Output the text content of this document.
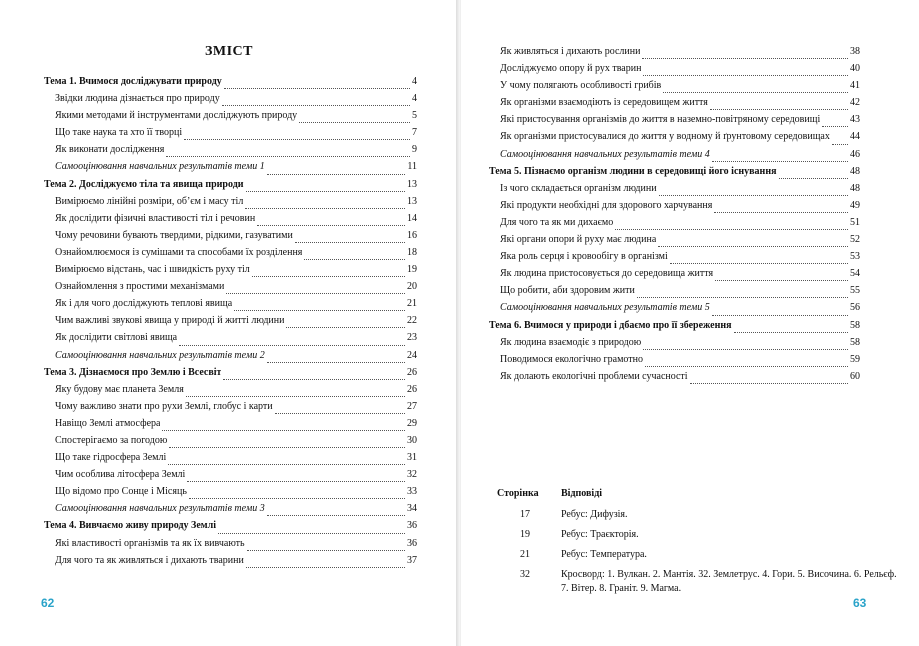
ЗМІСТ
Тема 1. Вчимося досліджувати природу	4
Звідки людина дізнається про природу	4
Якими методами й інструментами досліджують природу	5
Що таке наука та хто її творці	7
Як виконати дослідження	9
Самооцінювання навчальних результатів теми 1	11
Тема 2. Досліджуємо тіла та явища природи	13
Вимірюємо лінійні розміри, об’єм і масу тіл	13
Як дослідити фізичні властивості тіл і речовин	14
Чому речовини бувають твердими, рідкими, газуватими	16
Ознайомлюємося із сумішами та способами їх розділення	18
Вимірюємо відстань, час і швидкість руху тіл	19
Ознайомлення з простими механізмами	20
Як і для чого досліджують теплові явища	21
Чим важливі звукові явища у природі й житті людини	22
Як дослідити світлові явища	23
Самооцінювання навчальних результатів теми 2	24
Тема 3. Дізнаємося про Землю і Всесвіт	26
Яку будову має планета Земля	26
Чому важливо знати про рухи Землі, глобус і карти	27
Навіщо Землі атмосфера	29
Спостерігаємо за погодою	30
Що таке гідросфера Землі	31
Чим особлива літосфера Землі	32
Що відомо про Сонце і Місяць	33
Самооцінювання навчальних результатів теми 3	34
Тема 4. Вивчаємо живу природу Землі	36
Які властивості організмів та як їх вивчають	36
Для чого та як живляться і дихають тварини	37
62
Як живляться і дихають рослини	38
Досліджуємо опору й рух тварин	40
У чому полягають особливості грибів	41
Як організми взаємодіють із середовищем життя	42
Які пристосування організмів до життя в наземно-повітряному середовищі	43
Як організми пристосувалися до життя у водному й ґрунтовому середовищах 44
Самооцінювання навчальних результатів теми 4	46
Тема 5. Пізнаємо організм людини в середовищі його існування	48
Із чого складається організм людини	48
Які продукти необхідні для здорового харчування	49
Для чого та як ми дихаємо	51
Які органи опори й руху має людина	52
Яка роль серця і кровообігу в організмі	53
Як людина пристосовується до середовища життя	54
Що робити, аби здоровим жити	55
Самооцінювання навчальних результатів теми 5	56
Тема 6. Вчимося у природи і дбаємо про її збереження	58
Як людина взаємодіє з природою	58
Поводимося екологічно грамотно	59
Як долають екологічні проблеми сучасності	60
Сторінка	Відповіді
17	Ребус: Дифузія.
19	Ребус: Траєкторія.
21	Ребус: Температура.
32	Кросворд: 1. Вулкан. 2. Мантія. 32. Землетрус. 4. Гори. 5. Височина. 6. Рельєф. 7. Вітер. 8. Граніт. 9. Магма.
63
